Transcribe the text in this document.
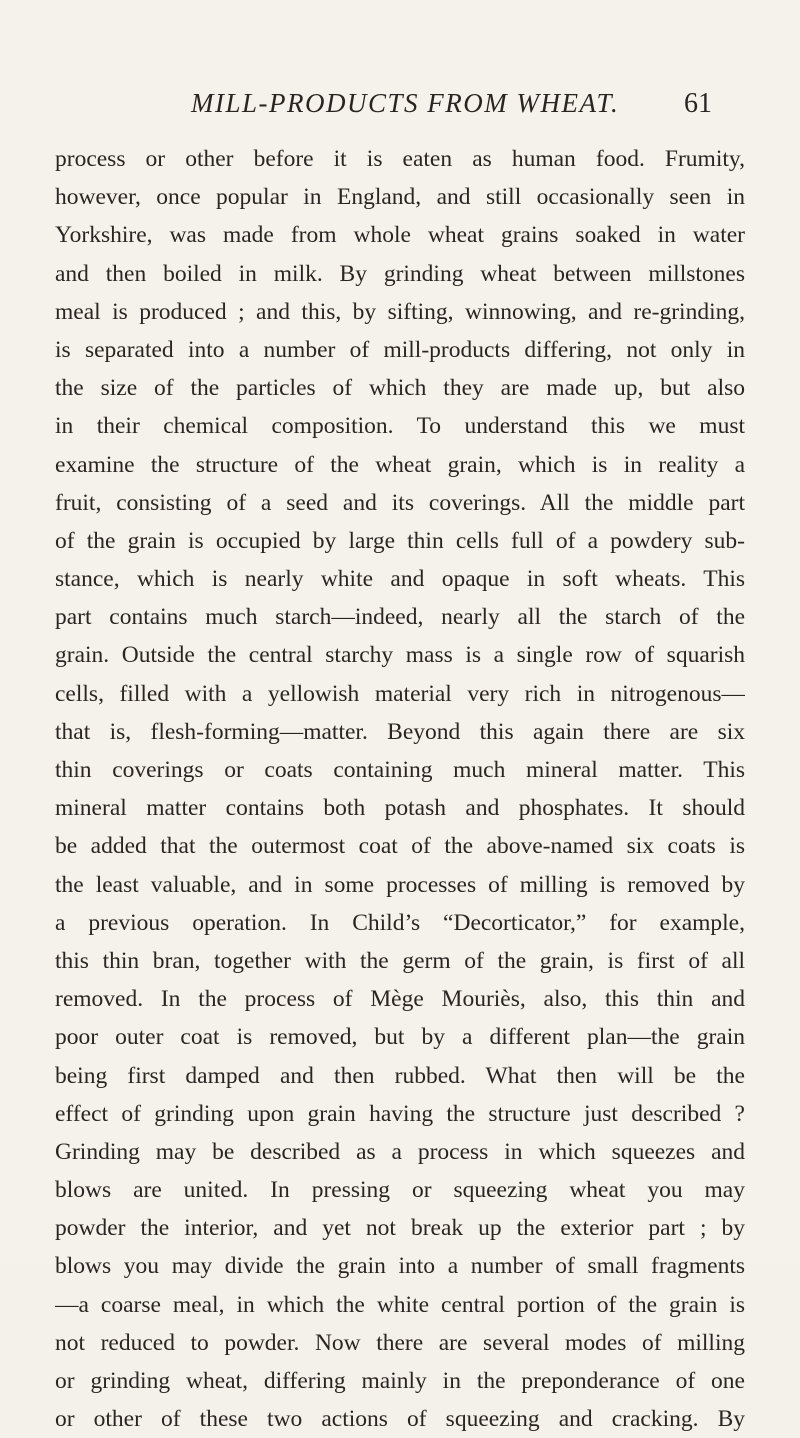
MILL-PRODUCTS FROM WHEAT. 61
process or other before it is eaten as human food. Frumity,
however, once popular in England, and still occasionally seen in
Yorkshire, was made from whole wheat grains soaked in water
and then boiled in milk. By grinding wheat between millstones
meal is produced ; and this, by sifting, winnowing, and re-grinding,
is separated into a number of mill-products differing, not only in
the size of the particles of which they are made up, but also
in their chemical composition. To understand this we must
examine the structure of the wheat grain, which is in reality a
fruit, consisting of a seed and its coverings. All the middle part
of the grain is occupied by large thin cells full of a powdery sub-
stance, which is nearly white and opaque in soft wheats. This
part contains much starch—indeed, nearly all the starch of the
grain. Outside the central starchy mass is a single row of squarish
cells, filled with a yellowish material very rich in nitrogenous—
that is, flesh-forming—matter. Beyond this again there are six
thin coverings or coats containing much mineral matter. This
mineral matter contains both potash and phosphates. It should
be added that the outermost coat of the above-named six coats is
the least valuable, and in some processes of milling is removed by
a previous operation. In Child’s “Decorticator,” for example,
this thin bran, together with the germ of the grain, is first of all
removed. In the process of Mège Mouriès, also, this thin and
poor outer coat is removed, but by a different plan—the grain
being first damped and then rubbed. What then will be the
effect of grinding upon grain having the structure just described ?
Grinding may be described as a process in which squeezes and
blows are united. In pressing or squeezing wheat you may
powder the interior, and yet not break up the exterior part ; by
blows you may divide the grain into a number of small fragments
—a coarse meal, in which the white central portion of the grain is
not reduced to powder. Now there are several modes of milling
or grinding wheat, differing mainly in the preponderance of one
or other of these two actions of squeezing and cracking. By
